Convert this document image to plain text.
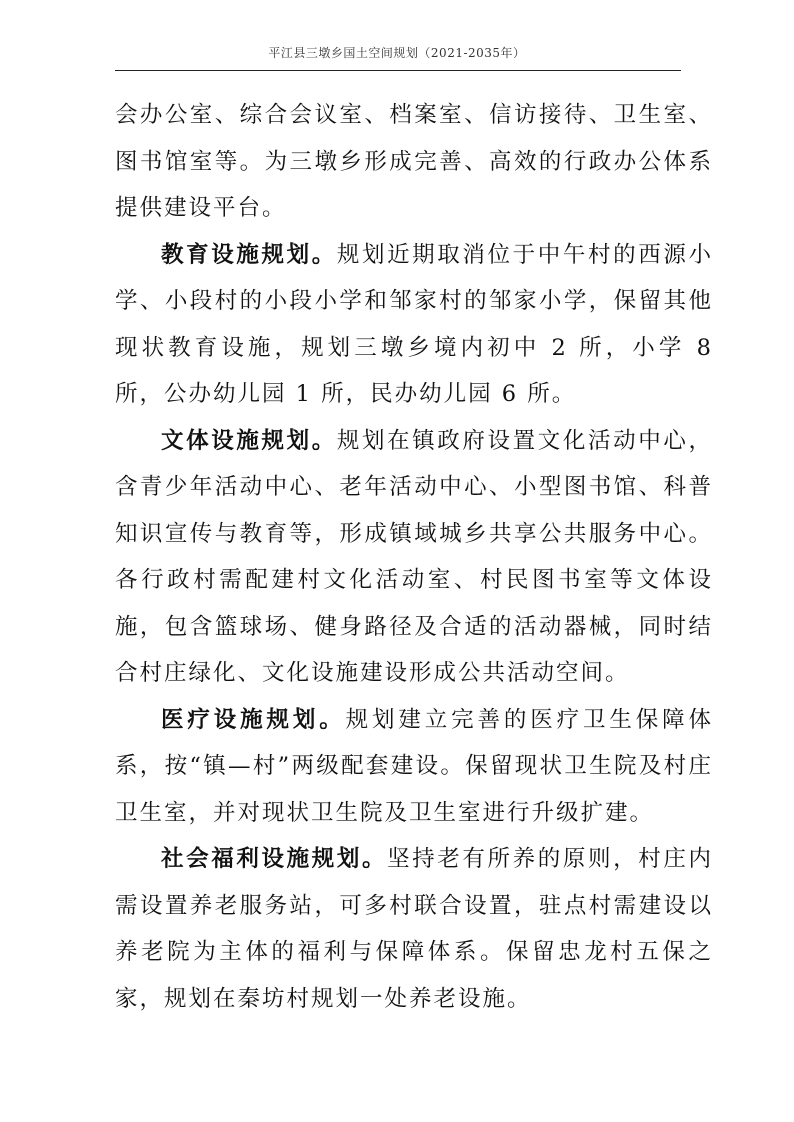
平江县三墩乡国土空间规划（2021-2035年）

会办公室、综合会议室、档案室、信访接待、卫生室、图书馆室等。为三墩乡形成完善、高效的行政办公体系提供建设平台。

教育设施规划。规划近期取消位于中午村的西源小学、小段村的小段小学和邹家村的邹家小学，保留其他现状教育设施，规划三墩乡境内初中 2 所，小学 8 所，公办幼儿园 1 所，民办幼儿园 6 所。

文体设施规划。规划在镇政府设置文化活动中心，含青少年活动中心、老年活动中心、小型图书馆、科普知识宣传与教育等，形成镇域城乡共享公共服务中心。各行政村需配建村文化活动室、村民图书室等文体设施，包含篮球场、健身路径及合适的活动器械，同时结合村庄绿化、文化设施建设形成公共活动空间。

医疗设施规划。规划建立完善的医疗卫生保障体系，按“镇—村”两级配套建设。保留现状卫生院及村庄卫生室，并对现状卫生院及卫生室进行升级扩建。

社会福利设施规划。坚持老有所养的原则，村庄内需设置养老服务站，可多村联合设置，驻点村需建设以养老院为主体的福利与保障体系。保留忠龙村五保之家，规划在秦坊村规划一处养老设施。
